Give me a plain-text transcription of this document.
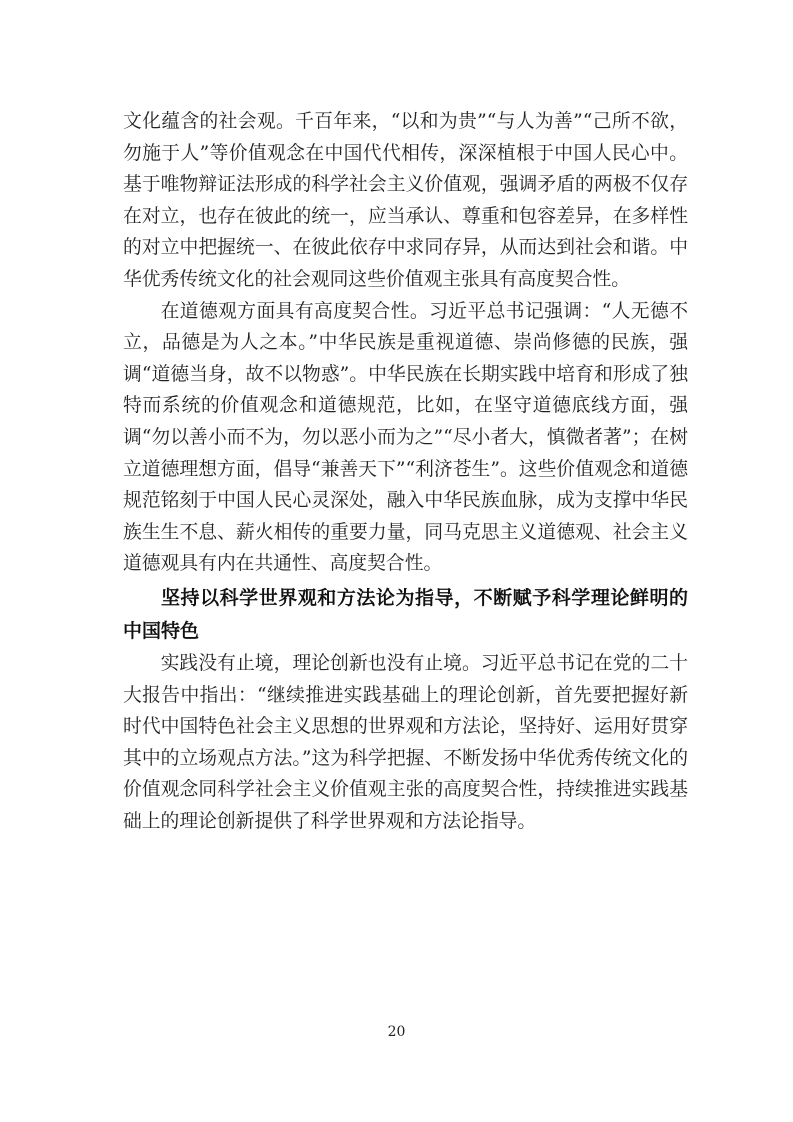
文化蕴含的社会观。千百年来，“以和为贵”“与人为善”“己所不欲，勿施于人”等价值观念在中国代代相传，深深植根于中国人民心中。基于唯物辩证法形成的科学社会主义价值观，强调矛盾的两极不仅存在对立，也存在彼此的统一，应当承认、尊重和包容差异，在多样性的对立中把握统一、在彼此依存中求同存异，从而达到社会和谐。中华优秀传统文化的社会观同这些价值观主张具有高度契合性。

在道德观方面具有高度契合性。习近平总书记强调：“人无德不立，品德是为人之本。”中华民族是重视道德、崇尚修德的民族，强调“道德当身，故不以物惑”。中华民族在长期实践中培育和形成了独特而系统的价值观念和道德规范，比如，在坚守道德底线方面，强调“勿以善小而不为，勿以恶小而为之”“尽小者大，慎微者著”；在树立道德理想方面，倡导“兼善天下”“利济苍生”。这些价值观念和道德规范铭刻于中国人民心灵深处，融入中华民族血脉，成为支撑中华民族生生不息、薪火相传的重要力量，同马克思主义道德观、社会主义道德观具有内在共通性、高度契合性。

坚持以科学世界观和方法论为指导，不断赋予科学理论鲜明的中国特色

实践没有止境，理论创新也没有止境。习近平总书记在党的二十大报告中指出：“继续推进实践基础上的理论创新，首先要把握好新时代中国特色社会主义思想的世界观和方法论，坚持好、运用好贯穿其中的立场观点方法。”这为科学把握、不断发扬中华优秀传统文化的价值观念同科学社会主义价值观主张的高度契合性，持续推进实践基础上的理论创新提供了科学世界观和方法论指导。

20
